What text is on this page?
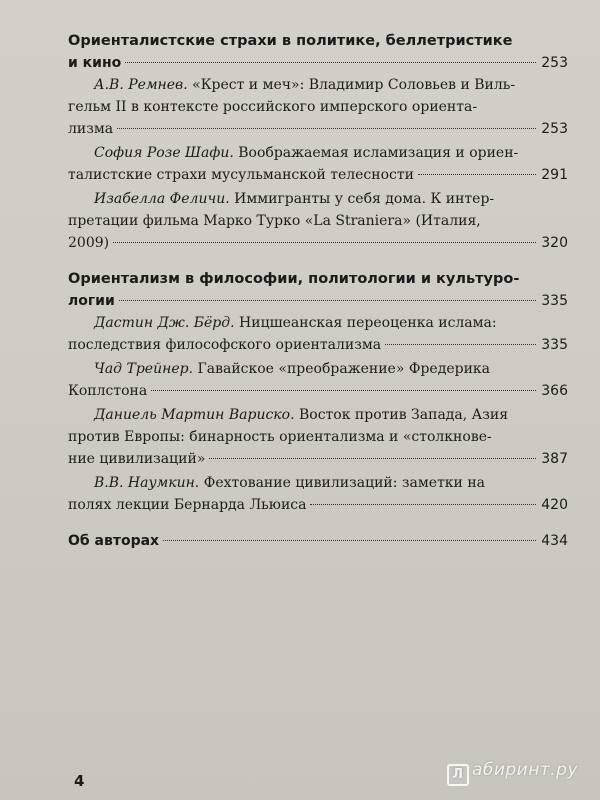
Ориенталистские страхи в политике, беллетристике
и кино	253
А.В. Ремнев. «Крест и меч»: Владимир Соловьев и Виль-
гельм II в контексте российского имперского ориента-
лизма	253
София Розе Шафи. Воображаемая исламизация и ориен-
талистские страхи мусульманской телесности	291
Изабелла Феличи. Иммигранты у себя дома. К интер-
претации фильма Марко Турко «La Straniera» (Италия,
2009)	320
Ориентализм в философии, политологии и культуро-
логии	335
Дастин Дж. Бёрд. Ницшеанская переоценка ислама:
последствия философского ориентализма	335
Чад Трейнер. Гавайское «преображение» Фредерика
Коплстона	366
Даниель Мартин Вариско. Восток против Запада, Азия
против Европы: бинарность ориентализма и «столкнове-
ние цивилизаций»	387
В.В. Наумкин. Фехтование цивилизаций: заметки на
полях лекции Бернарда Льюиса	420
Об авторах	434
4	Л абиринт.ру
